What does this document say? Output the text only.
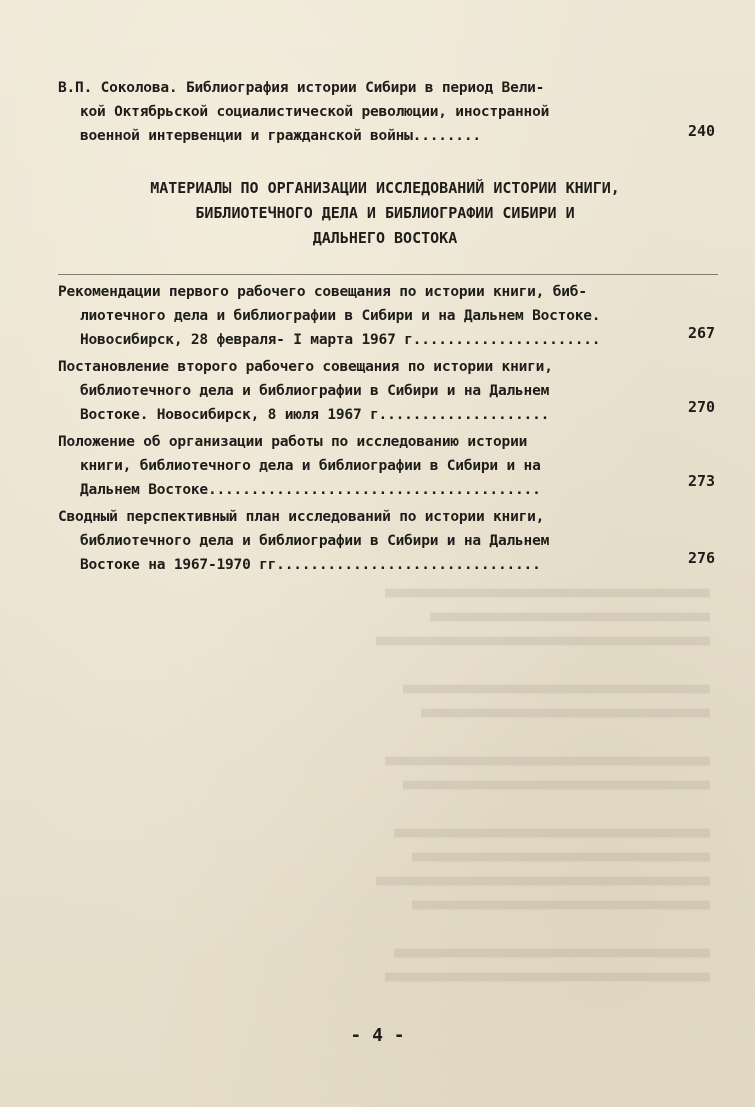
■■■■■■■■■■■■■■■■■■■■■■■■■■■■■■■■■■■■
■■■■■■■■■■■■■■■■■■■■■■■■■■■■■■■
■■■■■■■■■■■■■■■■■■■■■■■■■■■■■■■■■■■■■

■■■■■■■■■■■■■■■■■■■■■■■■■■■■■■■■■■
■■■■■■■■■■■■■■■■■■■■■■■■■■■■■■■■

■■■■■■■■■■■■■■■■■■■■■■■■■■■■■■■■■■■■
■■■■■■■■■■■■■■■■■■■■■■■■■■■■■■■■■■

■■■■■■■■■■■■■■■■■■■■■■■■■■■■■■■■■■■
■■■■■■■■■■■■■■■■■■■■■■■■■■■■■■■■■
■■■■■■■■■■■■■■■■■■■■■■■■■■■■■■■■■■■■■
■■■■■■■■■■■■■■■■■■■■■■■■■■■■■■■■■

■■■■■■■■■■■■■■■■■■■■■■■■■■■■■■■■■■■
■■■■■■■■■■■■■■■■■■■■■■■■■■■■■■■■■■■■
В.П. Соколова. Библиография истории Сибири в период Вели-
кой Октябрьской социалистической революции, иностранной
военной интервенции и гражданской войны........	240
МАТЕРИАЛЫ ПО ОРГАНИЗАЦИИ ИССЛЕДОВАНИЙ ИСТОРИИ КНИГИ,
БИБЛИОТЕЧНОГО ДЕЛА И БИБЛИОГРАФИИ СИБИРИ И
ДАЛЬНЕГО ВОСТОКА
Рекомендации первого рабочего совещания по истории книги, биб-
лиотечного дела и библиографии в Сибири и на Дальнем Востоке.
Новосибирск, 28 февраля- I марта 1967 г......................	267
Постановление второго рабочего совещания по истории книги,
библиотечного дела и библиографии в Сибири и на Дальнем
Востоке. Новосибирск, 8 июля 1967 г....................	270
Положение об организации работы по исследованию истории
книги, библиотечного дела и библиографии в Сибири и на
Дальнем Востоке.......................................	273
Сводный перспективный план исследований по истории книги,
библиотечного дела и библиографии в Сибири и на Дальнем
Востоке на 1967-1970 гг...............................	276
- 4 -
